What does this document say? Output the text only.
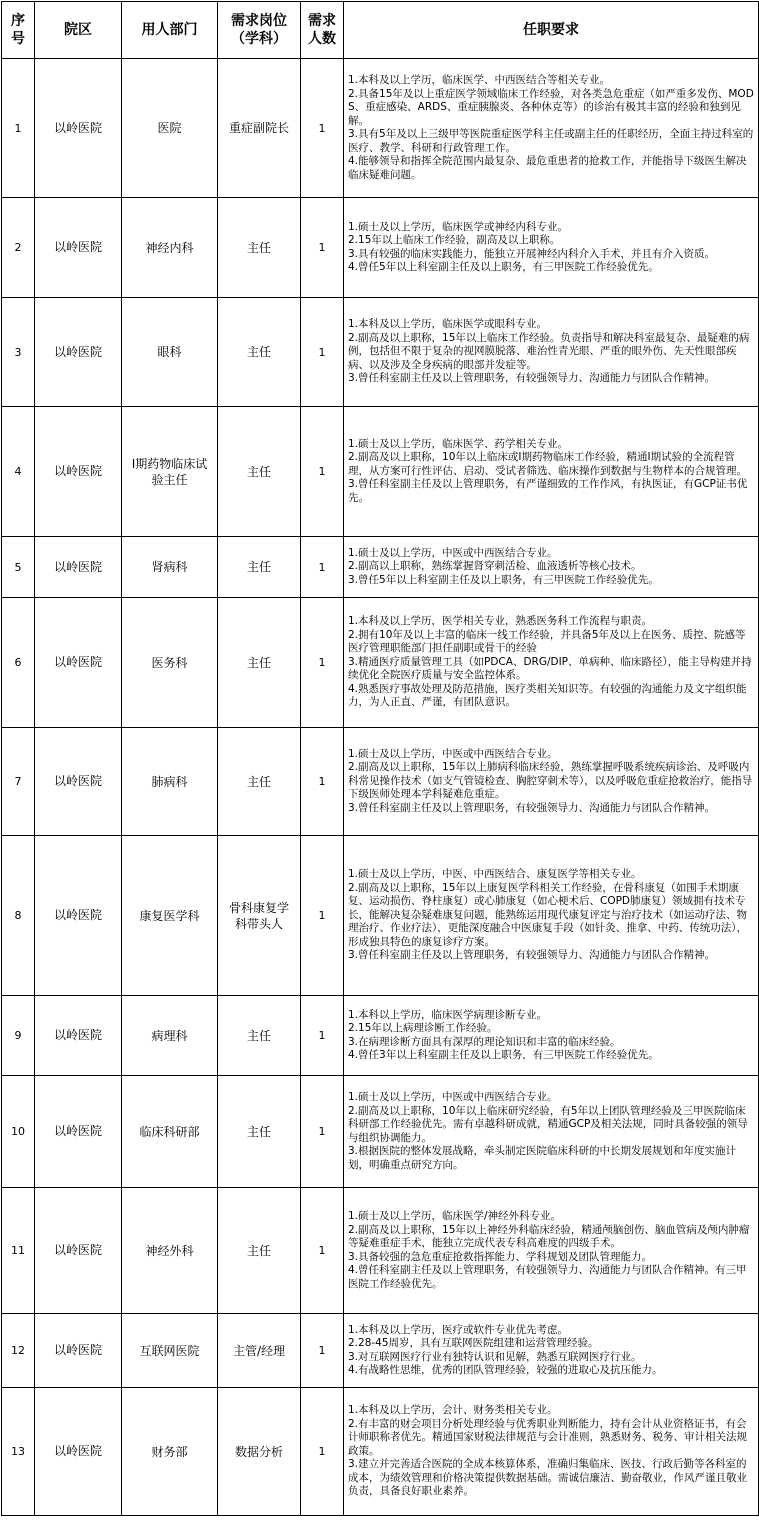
序号	院区	用人部门	需求岗位（学科）	需求人数	任职要求
1	以岭医院	医院	重症副院长	1	1.本科及以上学历，临床医学、中西医结合等相关专业。
2.具备15年及以上重症医学领域临床工作经验，对各类急危重症（如严重多发伤、MODS、重症感染、ARDS、重症胰腺炎、各种休克等）的诊治有极其丰富的经验和独到见解。
3.具有5年及以上三级甲等医院重症医学科主任或副主任的任职经历，全面主持过科室的医疗、教学、科研和行政管理工作。
4.能够领导和指挥全院范围内最复杂、最危重患者的抢救工作，并能指导下级医生解决临床疑难问题。

2	以岭医院	神经内科	主任	1	1.硕士及以上学历，临床医学或神经内科专业。
2.15年以上临床工作经验，副高及以上职称。
3.具有较强的临床实践能力，能独立开展神经内科介入手术，并且有介入资质。
4.曾任5年以上科室副主任及以上职务，有三甲医院工作经验优先。

3	以岭医院	眼科	主任	1	1.本科及以上学历，临床医学或眼科专业。
2.副高及以上职称，15年以上临床工作经验。负责指导和解决科室最复杂、最疑难的病例，包括但不限于复杂的视网膜脱落、难治性青光眼、严重的眼外伤、先天性眼部疾病、以及涉及全身疾病的眼部并发症等。
3.曾任科室副主任及以上管理职务，有较强领导力、沟通能力与团队合作精神。

4	以岭医院	Ⅰ期药物临床试验主任	主任	1	1.硕士及以上学历，临床医学、药学相关专业。
2.副高及以上职称，10年以上临床或Ⅰ期药物临床工作经验，精通Ⅰ期试验的全流程管理，从方案可行性评估、启动、受试者筛选、临床操作到数据与生物样本的合规管理。
3.曾任科室副主任及以上管理职务，有严谨细致的工作作风，有执医证，有GCP证书优先。

5	以岭医院	肾病科	主任	1	1.硕士及以上学历，中医或中西医结合专业。
2.副高以上职称，熟练掌握肾穿刺活检、血液透析等核心技术。
3.曾任5年以上科室副主任及以上职务，有三甲医院工作经验优先。

6	以岭医院	医务科	主任	1	1.本科及以上学历，医学相关专业，熟悉医务科工作流程与职责。
2.拥有10年及以上丰富的临床一线工作经验，并具备5年及以上在医务、质控、院感等医疗管理职能部门担任副职或骨干的经验
3.精通医疗质量管理工具（如PDCA、DRG/DIP、单病种、临床路径），能主导构建并持续优化全院医疗质量与安全监控体系。
4.熟悉医疗事故处理及防范措施，医疗类相关知识等。有较强的沟通能力及文字组织能力，为人正直、严谨，有团队意识。

7	以岭医院	肺病科	主任	1	1.硕士及以上学历，中医或中西医结合专业。
2.副高及以上职称，15年以上肺病科临床经验，熟练掌握呼吸系统疾病诊治、及呼吸内科常见操作技术（如支气管镜检查、胸腔穿刺术等），以及呼吸危重症抢救治疗，能指导下级医师处理本学科疑难危重症。
3.曾任科室副主任及以上管理职务，有较强领导力、沟通能力与团队合作精神。

8	以岭医院	康复医学科	骨科康复学科带头人	1	1.硕士及以上学历，中医、中西医结合、康复医学等相关专业。
2.副高及以上职称，15年以上康复医学科相关工作经验，在骨科康复（如围手术期康复、运动损伤、脊柱康复）或心肺康复（如心梗术后、COPD肺康复）领域拥有技术专长，能解决复杂疑难康复问题，能熟练运用现代康复评定与治疗技术（如运动疗法、物理治疗、作业疗法），更能深度融合中医康复手段（如针灸、推拿、中药、传统功法），形成独具特色的康复诊疗方案。
3.曾任科室副主任及以上管理职务，有较强领导力、沟通能力与团队合作精神。

9	以岭医院	病理科	主任	1	1.本科以上学历，临床医学病理诊断专业。
2.15年以上病理诊断工作经验。
3.在病理诊断方面具有深厚的理论知识和丰富的临床经验。
4.曾任3年以上科室副主任及以上职务，有三甲医院工作经验优先。

10	以岭医院	临床科研部	主任	1	1.硕士及以上学历，中医或中西医结合专业。
2.副高及以上职称，10年以上临床研究经验，有5年以上团队管理经验及三甲医院临床科研部工作经验优先。需有卓越科研成就，精通GCP及相关法规，同时具备较强的领导与组织协调能力。
3.根据医院的整体发展战略，牵头制定医院临床科研的中长期发展规划和年度实施计划，明确重点研究方向。

11	以岭医院	神经外科	主任	1	1.硕士及以上学历，临床医学/神经外科专业。
2.副高及以上职称，15年以上神经外科临床经验，精通颅脑创伤、脑血管病及颅内肿瘤等疑难重症手术，能独立完成代表专科高难度的四级手术。
3.具备较强的急危重症抢救指挥能力、学科规划及团队管理能力。
4.曾任科室副主任及以上管理职务，有较强领导力、沟通能力与团队合作精神。有三甲医院工作经验优先。

12	以岭医院	互联网医院	主管/经理	1	1.本科及以上学历，医疗或软件专业优先考虑。
2.28-45周岁，具有互联网医院组建和运营管理经验。
3.对互联网医疗行业有独特认识和见解，熟悉互联网医疗行业。
4.有战略性思维，优秀的团队管理经验，较强的进取心及抗压能力。

13	以岭医院	财务部	数据分析	1	1.本科及以上学历，会计、财务类相关专业。
2.有丰富的财会项目分析处理经验与优秀职业判断能力，持有会计从业资格证书，有会计师职称者优先。精通国家财税法律规范与会计准则，熟悉财务、税务、审计相关法规政策。
3.建立并完善适合医院的全成本核算体系，准确归集临床、医技、行政后勤等各科室的成本，为绩效管理和价格决策提供数据基础。需诚信廉洁、勤奋敬业，作风严谨且敬业负责，具备良好职业素养。
